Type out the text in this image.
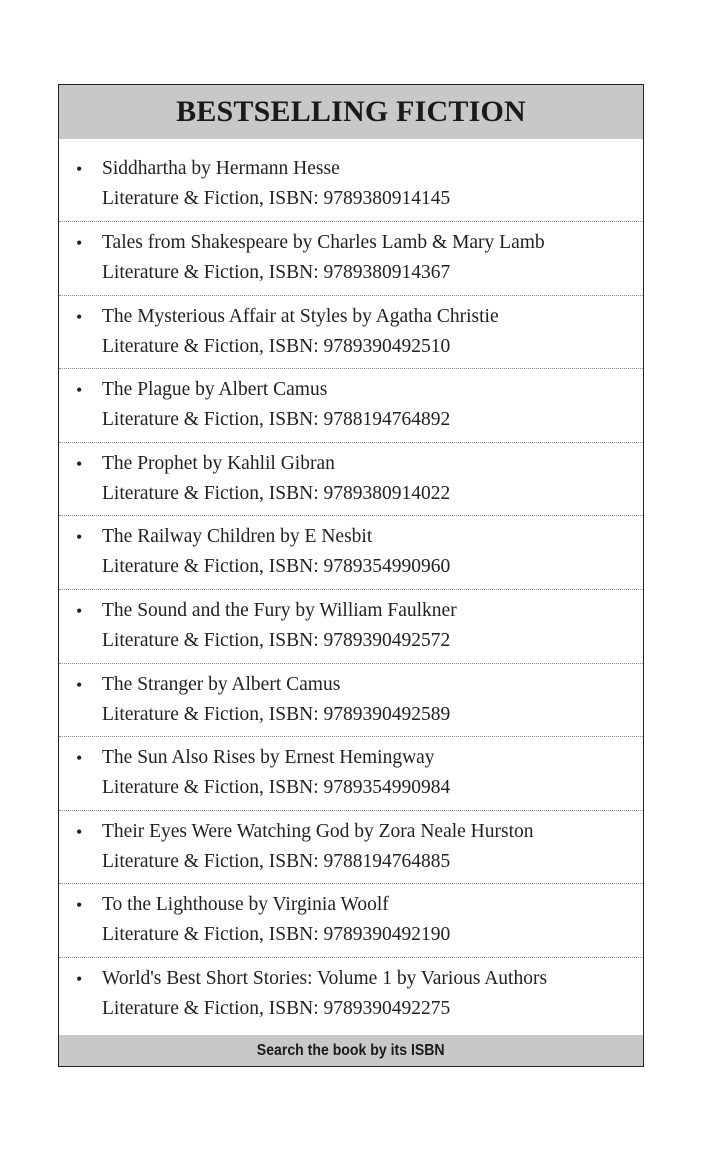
BESTSELLING FICTION
• Siddhartha by Hermann Hesse
Literature & Fiction, ISBN: 9789380914145
• Tales from Shakespeare by Charles Lamb & Mary Lamb
Literature & Fiction, ISBN: 9789380914367
• The Mysterious Affair at Styles by Agatha Christie
Literature & Fiction, ISBN: 9789390492510
• The Plague by Albert Camus
Literature & Fiction, ISBN: 9788194764892
• The Prophet by Kahlil Gibran
Literature & Fiction, ISBN: 9789380914022
• The Railway Children by E Nesbit
Literature & Fiction, ISBN: 9789354990960
• The Sound and the Fury by William Faulkner
Literature & Fiction, ISBN: 9789390492572
• The Stranger by Albert Camus
Literature & Fiction, ISBN: 9789390492589
• The Sun Also Rises by Ernest Hemingway
Literature & Fiction, ISBN: 9789354990984
• Their Eyes Were Watching God by Zora Neale Hurston
Literature & Fiction, ISBN: 9788194764885
• To the Lighthouse by Virginia Woolf
Literature & Fiction, ISBN: 9789390492190
• World's Best Short Stories: Volume 1 by Various Authors
Literature & Fiction, ISBN: 9789390492275
Search the book by its ISBN
